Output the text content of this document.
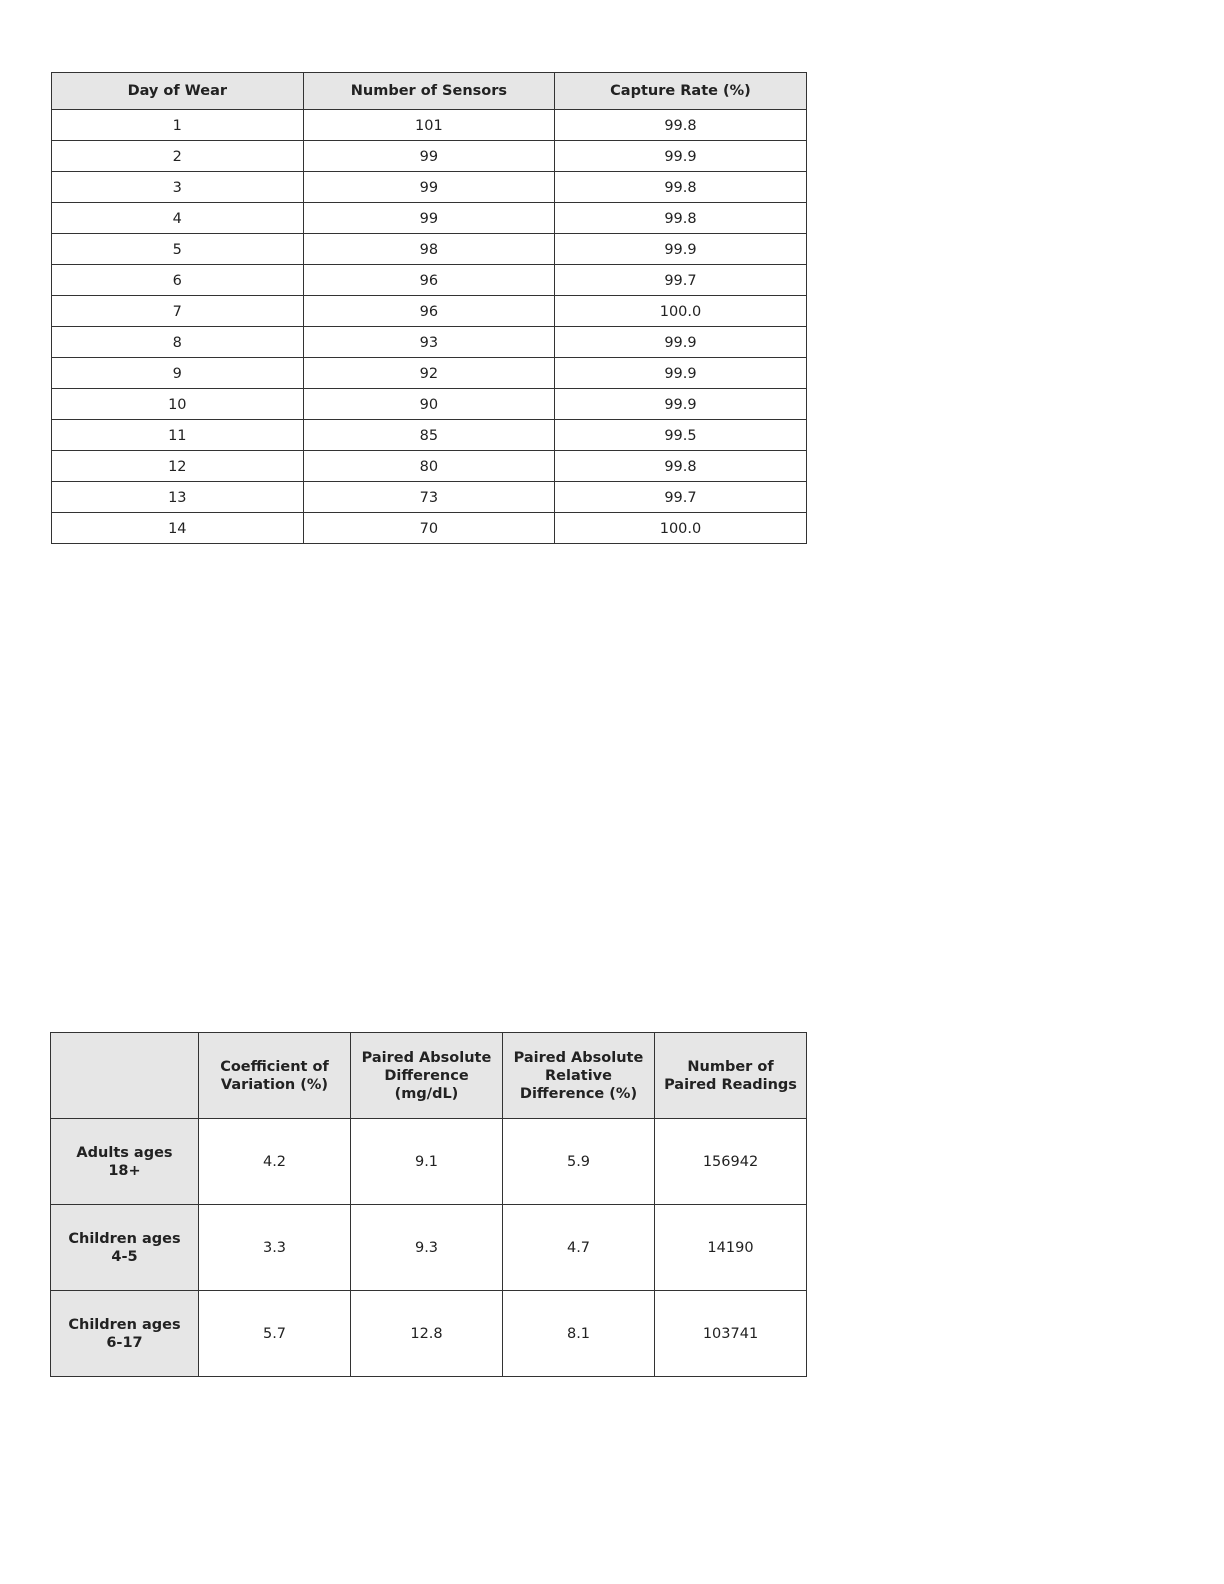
Day of Wear	Number of Sensors	Capture Rate (%)
1	101	99.8
2	99	99.9
3	99	99.8
4	99	99.8
5	98	99.9
6	96	99.7
7	96	100.0
8	93	99.9
9	92	99.9
10	90	99.9
11	85	99.5
12	80	99.8
13	73	99.7
14	70	100.0
	Coefficient of Variation (%)	Paired Absolute Difference (mg/dL)	Paired Absolute Relative Difference (%)	Number of Paired Readings
Adults ages 18+	4.2	9.1	5.9	156942
Children ages 4-5	3.3	9.3	4.7	14190
Children ages 6-17	5.7	12.8	8.1	103741
